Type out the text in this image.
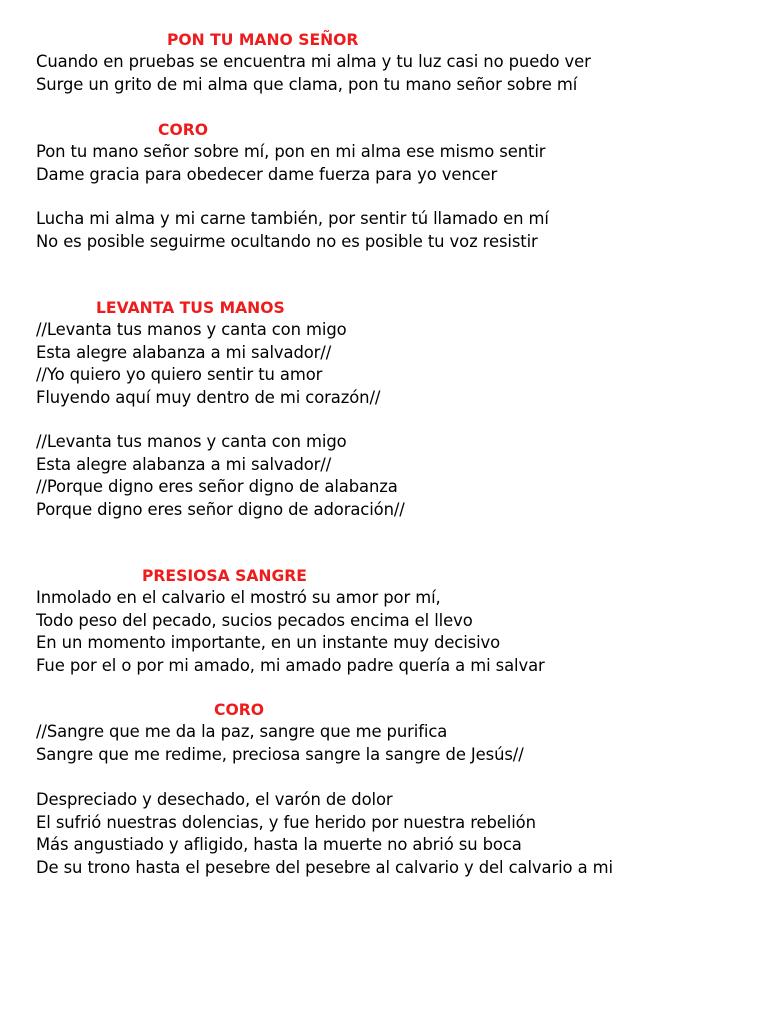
PON TU MANO SEÑOR
Cuando en pruebas se encuentra mi alma y tu luz casi no puedo ver
Surge un grito de mi alma que clama, pon tu mano señor sobre mí
CORO
Pon tu mano señor sobre mí, pon en mi alma ese mismo sentir
Dame gracia para obedecer dame fuerza para yo vencer
Lucha mi alma y mi carne también, por sentir tú llamado en mí
No es posible seguirme ocultando no es posible tu voz resistir
LEVANTA TUS MANOS
//Levanta tus manos y canta con migo
Esta alegre alabanza a mi salvador//
//Yo quiero yo quiero sentir tu amor
Fluyendo aquí muy dentro de mi corazón//
//Levanta tus manos y canta con migo
Esta alegre alabanza a mi salvador//
//Porque digno eres señor digno de alabanza
Porque digno eres señor digno de adoración//
PRESIOSA SANGRE
Inmolado en el calvario el mostró su amor por mí,
Todo peso del pecado, sucios pecados encima el llevo
En un momento importante, en un instante muy decisivo
Fue por el o por mi amado, mi amado padre quería a mi salvar
CORO
//Sangre que me da la paz, sangre que me purifica
Sangre que me redime, preciosa sangre la sangre de Jesús//
Despreciado y desechado, el varón de dolor
El sufrió nuestras dolencias, y fue herido por nuestra rebelión
Más angustiado y afligido, hasta la muerte no abrió su boca
De su trono hasta el pesebre del pesebre al calvario y del calvario a mi
